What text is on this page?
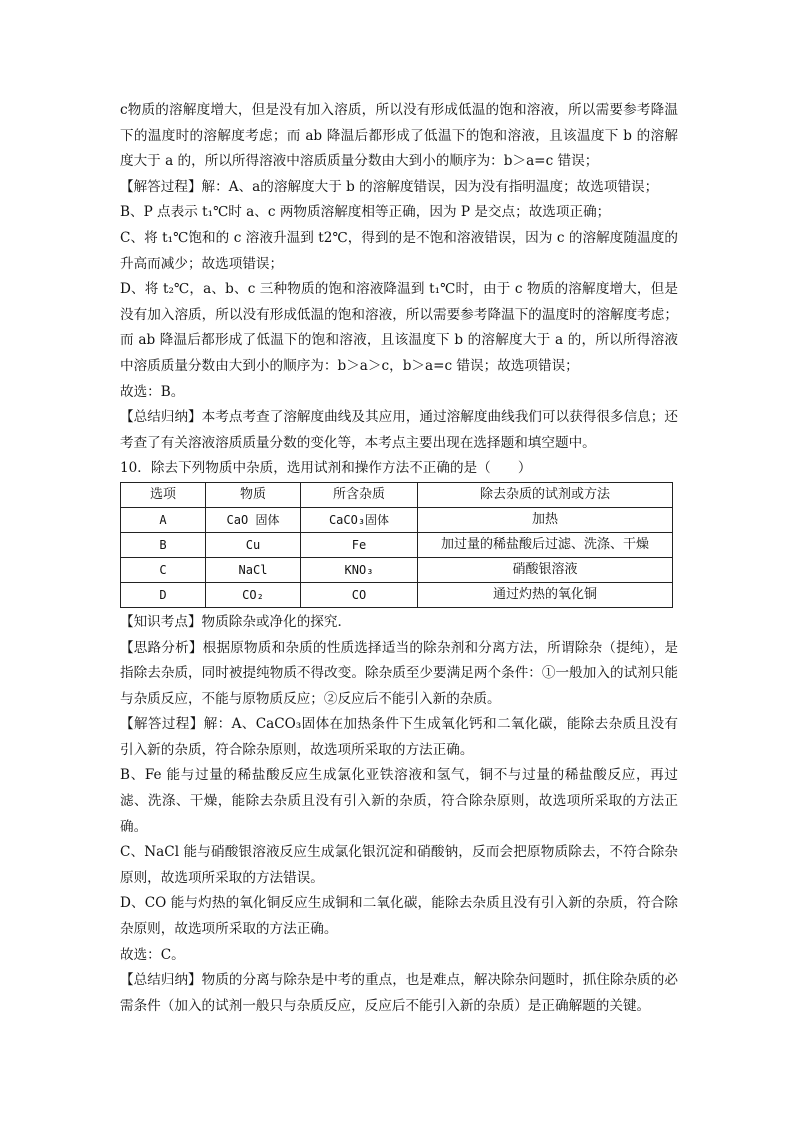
c物质的溶解度增大，但是没有加入溶质，所以没有形成低温的饱和溶液，所以需要参考降温下的温度时的溶解度考虑；而 ab 降温后都形成了低温下的饱和溶液，且该温度下 b 的溶解度大于 a 的，所以所得溶液中溶质质量分数由大到小的顺序为：b＞a=c 错误；

【解答过程】解：A、a的溶解度大于 b 的溶解度错误，因为没有指明温度；故选项错误；

B、P 点表示 t₁℃时 a、c 两物质溶解度相等正确，因为 P 是交点；故选项正确；

C、将 t₁℃饱和的 c 溶液升温到 t2℃，得到的是不饱和溶液错误，因为 c 的溶解度随温度的升高而减少；故选项错误；

D、将 t₂℃，a、b、c 三种物质的饱和溶液降温到 t₁℃时，由于 c 物质的溶解度增大，但是没有加入溶质，所以没有形成低温的饱和溶液，所以需要参考降温下的温度时的溶解度考虑；而 ab 降温后都形成了低温下的饱和溶液，且该温度下 b 的溶解度大于 a 的，所以所得溶液中溶质质量分数由大到小的顺序为：b＞a＞c，b＞a=c 错误；故选项错误；

故选：B。

【总结归纳】本考点考查了溶解度曲线及其应用，通过溶解度曲线我们可以获得很多信息；还考查了有关溶液溶质质量分数的变化等，本考点主要出现在选择题和填空题中。

10．除去下列物质中杂质，选用试剂和操作方法不正确的是（　　）

选项	物质	所含杂质	除去杂质的试剂或方法
A	CaO 固体	CaCO₃固体	加热
B	Cu	Fe	加过量的稀盐酸后过滤、洗涤、干燥
C	NaCl	KNO₃	硝酸银溶液
D	CO₂	CO	通过灼热的氧化铜

【知识考点】物质除杂或净化的探究．

【思路分析】根据原物质和杂质的性质选择适当的除杂剂和分离方法，所谓除杂（提纯），是指除去杂质，同时被提纯物质不得改变。除杂质至少要满足两个条件：①一般加入的试剂只能与杂质反应，不能与原物质反应；②反应后不能引入新的杂质。

【解答过程】解：A、CaCO₃固体在加热条件下生成氧化钙和二氧化碳，能除去杂质且没有引入新的杂质，符合除杂原则，故选项所采取的方法正确。

B、Fe 能与过量的稀盐酸反应生成氯化亚铁溶液和氢气，铜不与过量的稀盐酸反应，再过滤、洗涤、干燥，能除去杂质且没有引入新的杂质，符合除杂原则，故选项所采取的方法正确。

C、NaCl 能与硝酸银溶液反应生成氯化银沉淀和硝酸钠，反而会把原物质除去，不符合除杂原则，故选项所采取的方法错误。

D、CO 能与灼热的氧化铜反应生成铜和二氧化碳，能除去杂质且没有引入新的杂质，符合除杂原则，故选项所采取的方法正确。

故选：C。

【总结归纳】物质的分离与除杂是中考的重点，也是难点，解决除杂问题时，抓住除杂质的必需条件（加入的试剂一般只与杂质反应，反应后不能引入新的杂质）是正确解题的关键。
